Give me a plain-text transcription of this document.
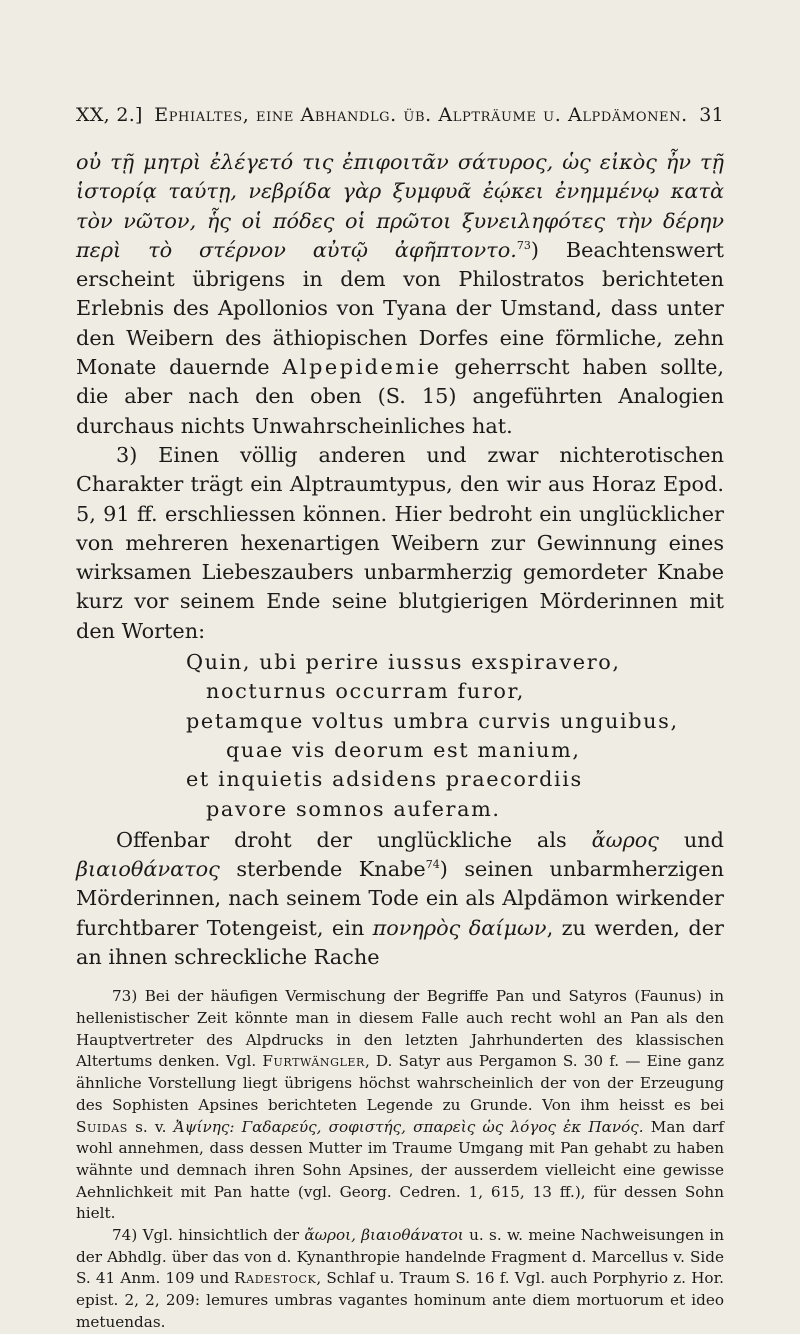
XX, 2.] Ephialtes, eine Abhandlg. üb. Alpträume u. Alpdämonen. 31

οὐ τῇ μητρὶ ἐλέγετό τις ἐπιφοιτᾶν σάτυρος, ὡς εἰκὸς ἦν τῇ ἱστορίᾳ ταύτῃ, νεβρίδα γὰρ ξυμφυᾶ ἐῴκει ἐνημμένῳ κατὰ τὸν νῶτον, ἧς οἱ πόδες οἱ πρῶτοι ξυνειληφότες τὴν δέρην περὶ τὸ στέρνον αὐτῷ ἀφῆπτοντο.$^{73}$) Beachtenswert erscheint übrigens in dem von Philostratos berichteten Erlebnis des Apollonios von Tyana der Umstand, dass unter den Weibern des äthiopischen Dorfes eine förmliche, zehn Monate dauernde Alpepidemie geherrscht haben sollte, die aber nach den oben (S. 15) angeführten Analogien durchaus nichts Unwahrscheinliches hat.

3) Einen völlig anderen und zwar nichterotischen Charakter trägt ein Alptraumtypus, den wir aus Horaz Epod. 5, 91 ff. erschliessen können. Hier bedroht ein unglücklicher von mehreren hexenartigen Weibern zur Gewinnung eines wirksamen Liebeszaubers unbarmherzig gemordeter Knabe kurz vor seinem Ende seine blutgierigen Mörderinnen mit den Worten:

Quin, ubi perire iussus exspiravero,
nocturnus occurram furor,
petamque voltus umbra curvis unguibus,
quae vis deorum est manium,
et inquietis adsidens praecordiis
pavore somnos auferam.

Offenbar droht der unglückliche als ἄωρος und βιαιοθάνατος sterbende Knabe$^{74}$) seinen unbarmherzigen Mörderinnen, nach seinem Tode ein als Alpdämon wirkender furchtbarer Totengeist, ein πονηρὸς δαίμων, zu werden, der an ihnen schreckliche Rache

73) Bei der häufigen Vermischung der Begriffe Pan und Satyros (Faunus) in hellenistischer Zeit könnte man in diesem Falle auch recht wohl an Pan als den Hauptvertreter des Alpdrucks in den letzten Jahrhunderten des klassischen Altertums denken. Vgl. Furtwängler, D. Satyr aus Pergamon S. 30 f. — Eine ganz ähnliche Vorstellung liegt übrigens höchst wahrscheinlich der von der Erzeugung des Sophisten Apsines berichteten Legende zu Grunde. Von ihm heisst es bei Suidas s. v. Ἀψίνης: Γαδαρεύς, σοφιστής, σπαρεὶς ὡς λόγος ἐκ Πανός. Man darf wohl annehmen, dass dessen Mutter im Traume Umgang mit Pan gehabt zu haben wähnte und demnach ihren Sohn Apsines, der ausserdem vielleicht eine gewisse Aehnlichkeit mit Pan hatte (vgl. Georg. Cedren. 1, 615, 13 ff.), für dessen Sohn hielt.

74) Vgl. hinsichtlich der ἄωροι, βιαιοθάνατοι u. s. w. meine Nachweisungen in der Abhdlg. über das von d. Kynanthropie handelnde Fragment d. Marcellus v. Side S. 41 Anm. 109 und Radestock, Schlaf u. Traum S. 16 f. Vgl. auch Porphyrio z. Hor. epist. 2, 2, 209: lemures umbras vagantes hominum ante diem mortuorum et ideo metuendas.
